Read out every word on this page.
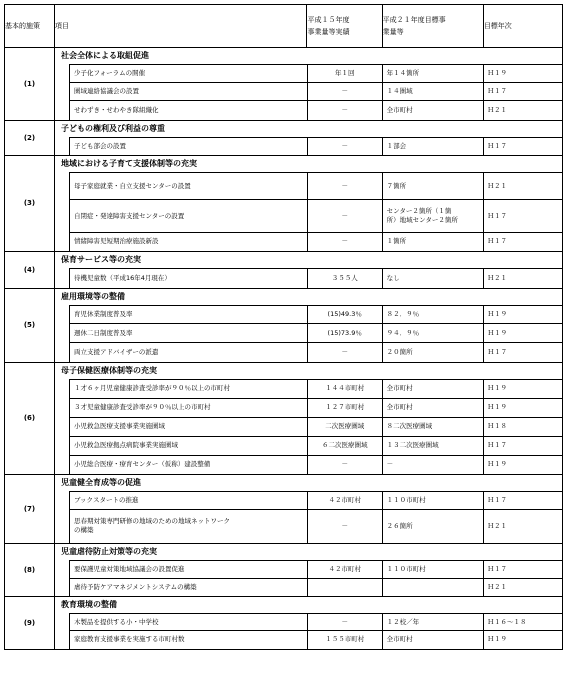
基本的施策	項目	平成１５年度
事業量等実績	平成２１年度目標事
業量等	目標年次
(1)	
社会全体による取組促進
少子化フォーラムの開催	年１回	年１４箇所	Ｈ１９
圏域連絡協議会の設置	－	１４圏域	Ｈ１７
せわずき・せわやき隊組織化	－	全市町村	Ｈ２１

(2)	
子どもの権利及び利益の尊重
子ども部会の設置	－	１部会	Ｈ１７

(3)	
地域における子育て支援体制等の充実
母子家庭就業・自立支援センターの設置	－	７箇所	Ｈ２１
自閉症・発達障害支援センターの設置	－	センター２箇所（１箇
所）地域センター２箇所	Ｈ１７
情緒障害児短期治療施設新設	－	１箇所	Ｈ１７

(4)	
保育サービス等の充実
待機児童数（平成16年4月現在）	３５５人	なし	Ｈ２１

(5)	
雇用環境等の整備
育児休業制度普及率	(15)49.3％	８２．９％	Ｈ１９
週休二日制度普及率	(15)73.9％	９４．９％	Ｈ１９
両立支援アドバイザーの派遣	－	２０箇所	Ｈ１７

(6)	
母子保健医療体制等の充実
１才６ヶ月児童健康診査受診率が９０％以上の市町村	１４４市町村	全市町村	Ｈ１９
３才児童健康診査受診率が９０％以上の市町村	１２７市町村	全市町村	Ｈ１９
小児救急医療支援事業実施圏域	二次医療圏域	８二次医療圏域	Ｈ１８
小児救急医療拠点病院事業実施圏域	６二次医療圏域	１３二次医療圏域	Ｈ１７
小児総合医療・療育センター（仮称）建設整備	－	－	Ｈ１９

(7)	
児童健全育成等の促進
ブックスタートの推進	４２市町村	１１０市町村	Ｈ１７
思春期対策専門研修の地域のための地域ネットワーク
の構築	－	２６箇所	Ｈ２１

(8)	
児童虐待防止対策等の充実
要保護児童対策地域協議会の設置促進	４２市町村	１１０市町村	Ｈ１７
虐待予防ケアマネジメントシステムの構築			Ｈ２１

(9)	
教育環境の整備
木製品を提供する小・中学校	－	１２校／年	Ｈ１６～１８
家庭教育支援事業を実施する市町村数	１５５市町村	全市町村	Ｈ１９
